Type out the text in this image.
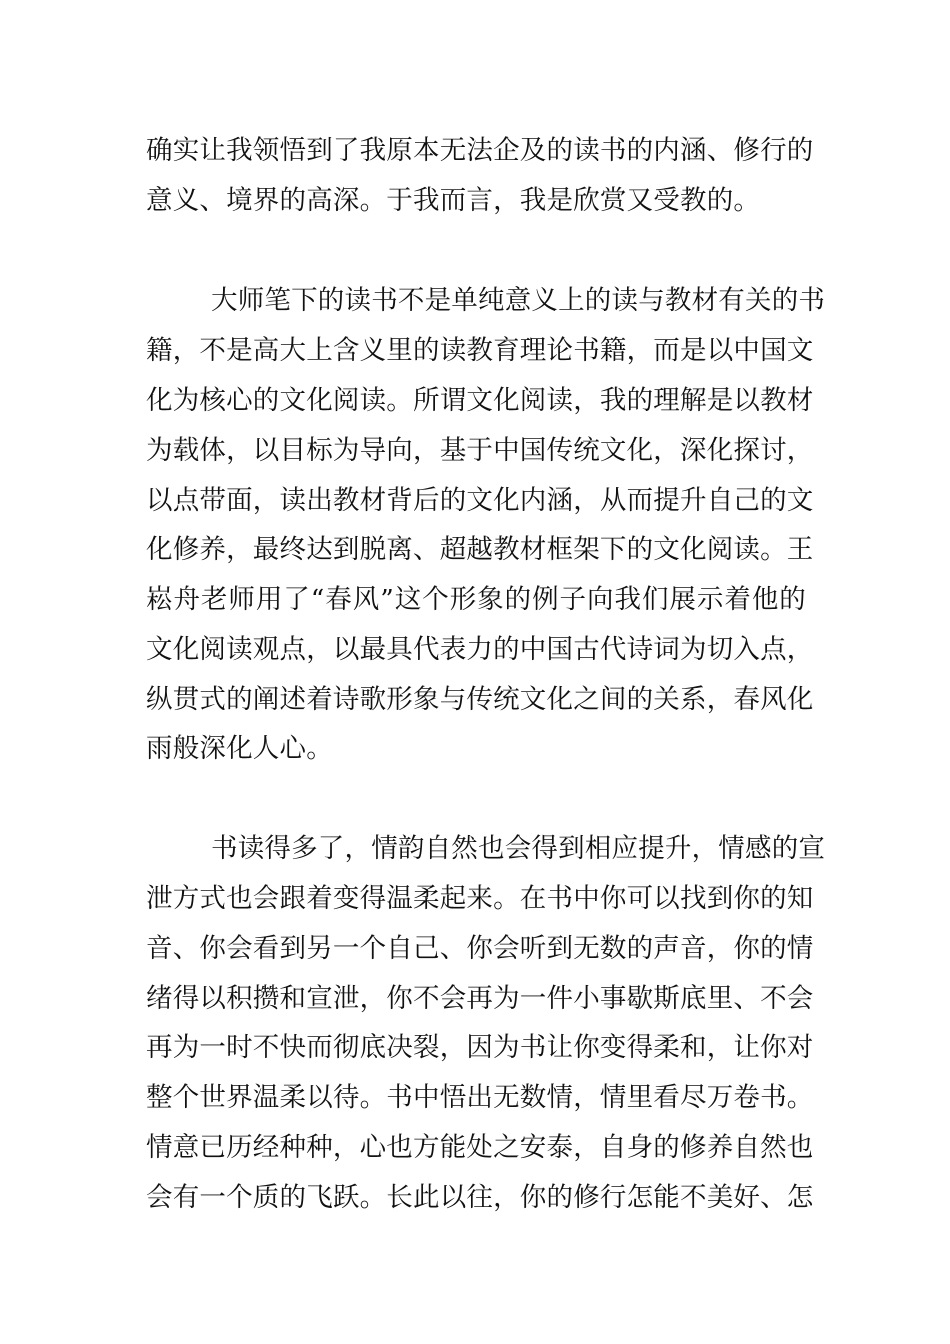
确实让我领悟到了我原本无法企及的读书的内涵、修行的
意义、境界的高深。于我而言，我是欣赏又受教的。
大师笔下的读书不是单纯意义上的读与教材有关的书
籍，不是高大上含义里的读教育理论书籍，而是以中国文
化为核心的文化阅读。所谓文化阅读，我的理解是以教材
为载体，以目标为导向，基于中国传统文化，深化探讨，
以点带面，读出教材背后的文化内涵，从而提升自己的文
化修养，最终达到脱离、超越教材框架下的文化阅读。王
崧舟老师用了“春风”这个形象的例子向我们展示着他的
文化阅读观点，以最具代表力的中国古代诗词为切入点，
纵贯式的阐述着诗歌形象与传统文化之间的关系，春风化
雨般深化人心。
书读得多了，情韵自然也会得到相应提升，情感的宣
泄方式也会跟着变得温柔起来。在书中你可以找到你的知
音、你会看到另一个自己、你会听到无数的声音，你的情
绪得以积攒和宣泄，你不会再为一件小事歇斯底里、不会
再为一时不快而彻底决裂，因为书让你变得柔和，让你对
整个世界温柔以待。书中悟出无数情，情里看尽万卷书。
情意已历经种种，心也方能处之安泰，自身的修养自然也
会有一个质的飞跃。长此以往，你的修行怎能不美好、怎
